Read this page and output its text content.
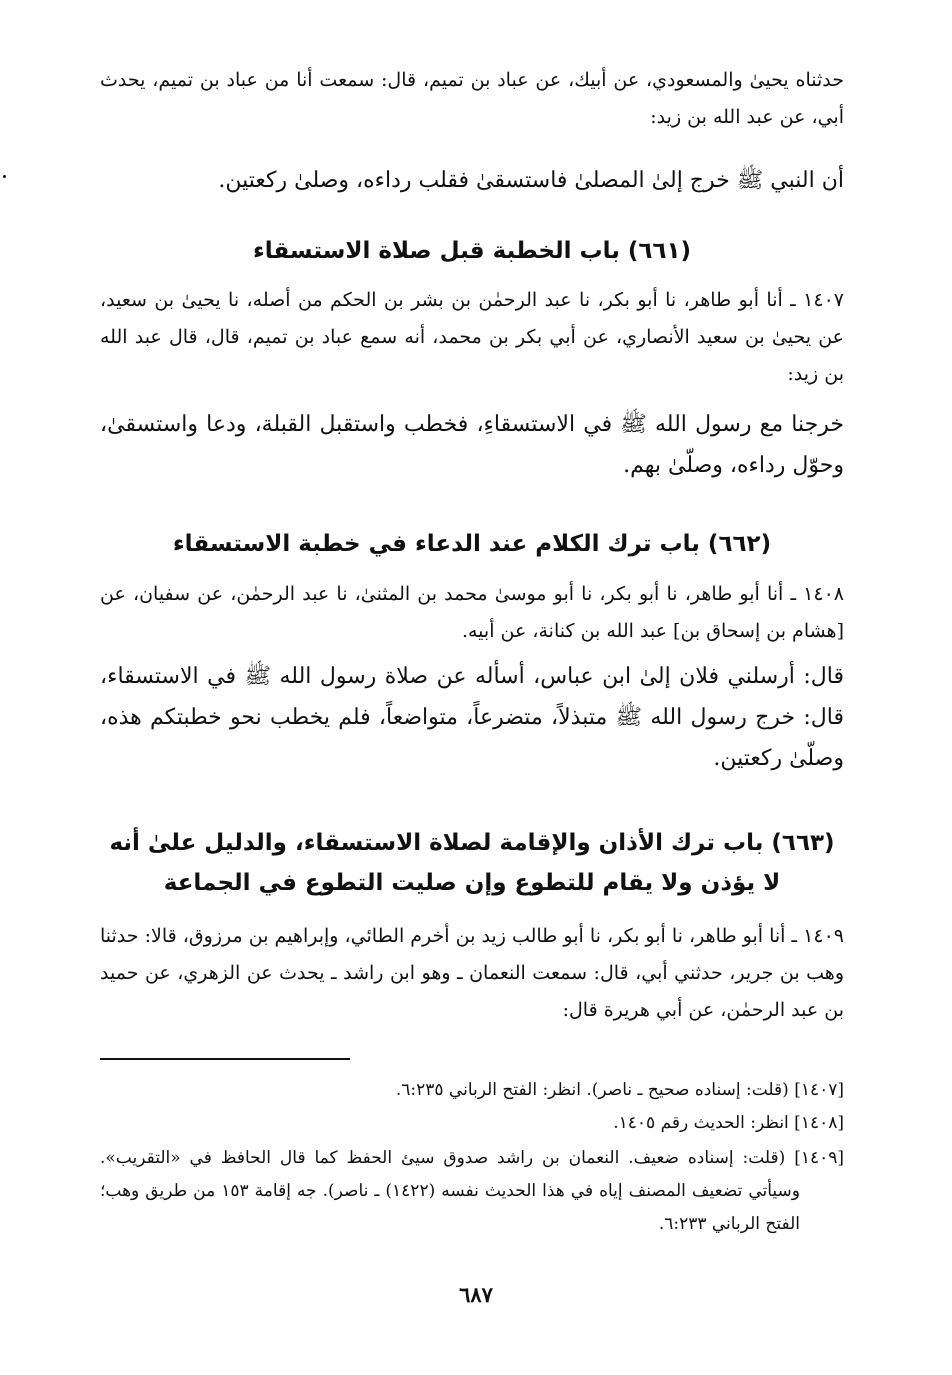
حدثناه يحيىٰ والمسعودي، عن أبيك، عن عباد بن تميم، قال: سمعت أنا من عباد بن تميم، يحدث أبي، عن عبد الله بن زيد:

أن النبي ﷺ خرج إلىٰ المصلىٰ فاستسقىٰ فقلب رداءه، وصلىٰ ركعتين.

(٦٦١) باب الخطبة قبل صلاة الاستسقاء

١٤٠٧ ـ أنا أبو طاهر، نا أبو بكر، نا عبد الرحمٰن بن بشر بن الحكم من أصله، نا يحيىٰ بن سعيد، عن يحيىٰ بن سعيد الأنصاري، عن أبي بكر بن محمد، أنه سمع عباد بن تميم، قال، قال عبد الله بن زيد:

خرجنا مع رسول الله ﷺ في الاستسقاءِ، فخطب واستقبل القبلة، ودعا واستسقىٰ، وحوّل رداءه، وصلّىٰ بهم.

(٦٦٢) باب ترك الكلام عند الدعاء في خطبة الاستسقاء

١٤٠٨ ـ أنا أبو طاهر، نا أبو بكر، نا أبو موسىٰ محمد بن المثنىٰ، نا عبد الرحمٰن، عن سفيان، عن [هشام بن إسحاق بن] عبد الله بن كنانة، عن أبيه.

قال: أرسلني فلان إلىٰ ابن عباس، أسأله عن صلاة رسول الله ﷺ في الاستسقاء، قال: خرج رسول الله ﷺ متبذلاً، متضرعاً، متواضعاً، فلم يخطب نحو خطبتكم هذه، وصلّىٰ ركعتين.

(٦٦٣) باب ترك الأذان والإقامة لصلاة الاستسقاء، والدليل علىٰ أنه
لا يؤذن ولا يقام للتطوع وإن صليت التطوع في الجماعة

١٤٠٩ ـ أنا أبو طاهر، نا أبو بكر، نا أبو طالب زيد بن أخرم الطائي، وإبراهيم بن مرزوق، قالا: حدثنا وهب بن جرير، حدثني أبي، قال: سمعت النعمان ـ وهو ابن راشد ـ يحدث عن الزهري، عن حميد بن عبد الرحمٰن، عن أبي هريرة قال:

[١٤٠٧] (قلت: إسناده صحيح ـ ناصر). انظر: الفتح الرباني ٦:٢٣٥.

[١٤٠٨] انظر: الحديث رقم ١٤٠٥.

[١٤٠٩] (قلت: إسناده ضعيف. النعمان بن راشد صدوق سيئ الحفظ كما قال الحافظ في «التقريب». وسيأتي تضعيف المصنف إياه في هذا الحديث نفسه (١٤٢٢) ـ ناصر). جه إقامة ١٥٣ من طريق وهب؛ الفتح الرباني ٦:٢٣٣.

٦٨٧
